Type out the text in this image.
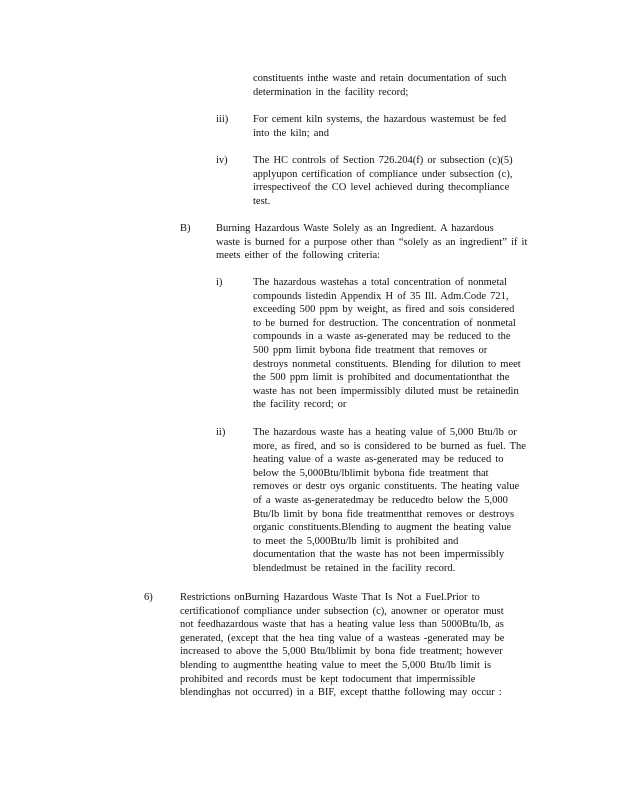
constituents inthe waste and retain documentation of such
determination in the facility record;
iii) For cement kiln systems, the hazardous wastemust be fed
into the kiln; and
iv) The HC controls of Section 726.204(f) or subsection (c)(5)
applyupon certification of compliance under subsection (c),
irrespectiveof the CO level achieved during thecompliance
test.
B) Burning Hazardous Waste Solely as an Ingredient. A hazardous
waste is burned for a purpose other than “solely as an ingredient” if it
meets either of the following criteria:
i)	The hazardous wastehas a total concentration of nonmetal
compounds listedin Appendix H of 35 Ill. Adm.Code 721,
exceeding 500 ppm by weight, as fired and sois considered
to be burned for destruction. The concentration of nonmetal
compounds in a waste as-generated may be reduced to the
500 ppm limit bybona fide treatment that removes or
destroys nonmetal constituents. Blending for dilution to meet
the 500 ppm limit is prohibited and documentationthat the
waste has not been impermissibly diluted must be retainedin
the facility record; or
ii)	The hazardous waste has a heating value of 5,000 Btu/lb or
more, as fired, and so is considered to be burned as fuel. The
heating value of a waste as-generated may be reduced to
below the 5,000Btu/lblimit bybona fide treatment that
removes or destr oys organic constituents. The heating value
of a waste as-generatedmay be reducedto below the 5,000
Btu/lb limit by bona fide treatmentthat removes or destroys
organic constituents.Blending to augment the heating value
to meet the 5,000Btu/lb limit is prohibited and
documentation that the waste has not been impermissibly
blendedmust be retained in the facility record.
6)	Restrictions onBurning Hazardous Waste That Is Not a Fuel.Prior to
certificationof compliance under subsection (c), anowner or operator must
not feedhazardous waste that has a heating value less than 5000Btu/lb, as
generated, (except that the hea ting value of a wasteas -generated may be
increased to above the 5,000 Btu/lblimit by bona fide treatment; however
blending to augmentthe heating value to meet the 5,000 Btu/lb limit is
prohibited and records must be kept todocument that impermissible
blendinghas not occurred) in a BIF, except thatthe following may occur :
